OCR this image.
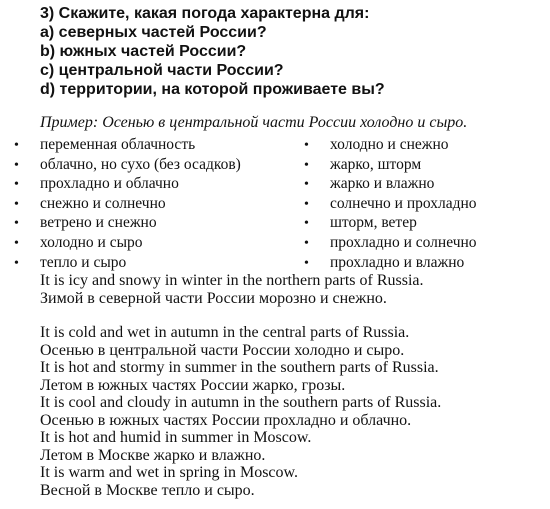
3) Скажите, какая погода характерна для:
a) северных частей России?
b) южных частей России?
c) центральной части России?
d) территории, на которой проживаете вы?
Пример: Осенью в центральной части России холодно и сыро.
•	переменная облачность
•	облачно, но сухо (без осадков)
•	прохладно и облачно
•	снежно и солнечно
•	ветрено и снежно
•	холодно и сыро
•	тепло и сыро
•	холодно и снежно
•	жарко, шторм
•	жарко и влажно
•	солнечно и прохладно
•	шторм, ветер
•	прохладно и солнечно
•	прохладно и влажно
It is icy and snowy in winter in the northern parts of Russia.
Зимой в северной части России морозно и снежно.
It is cold and wet in autumn in the central parts of Russia.
Осенью в центральной части России холодно и сыро.
It is hot and stormy in summer in the southern parts of Russia.
Летом в южных частях России жарко, грозы.
It is cool and cloudy in autumn in the southern parts of Russia.
Осенью в южных частях России прохладно и облачно.
It is hot and humid in summer in Moscow.
Летом в Москве жарко и влажно.
It is warm and wet in spring in Moscow.
Весной в Москве тепло и сыро.
